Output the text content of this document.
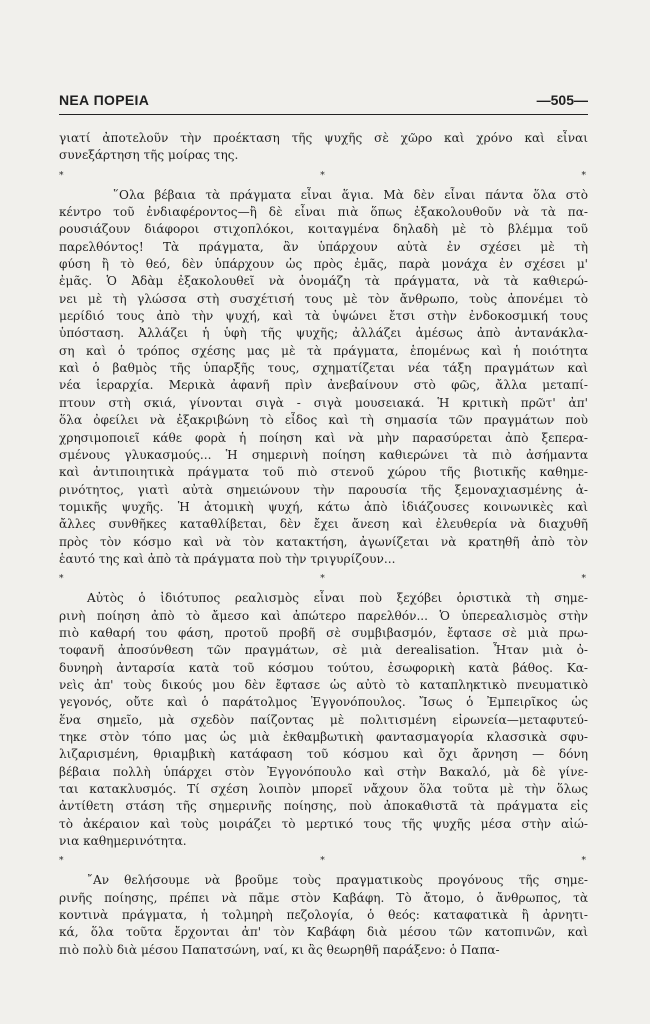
ΝΕΑ ΠΟΡΕΙΑ	—505—
γιατί ἀποτελοῦν τὴν προέκταση τῆς ψυχῆς σὲ χῶρο καὶ χρόνο καὶ εἶναι
συνεξάρτηση τῆς μοίρας της.
* * *
῞Ολα βέβαια τὰ πράγματα εἶναι ἅγια. Μὰ δὲν εἶναι πάντα ὅλα στὸ
κέντρο τοῦ ἐνδιαφέροντος—ἢ δὲ εἶναι πιὰ ὅπως ἐξακολουθοῦν νὰ τὰ πα-
ρουσιάζουν διάφοροι στιχοπλόκοι, κοιταγμένα δηλαδὴ μὲ τὸ βλέμμα τοῦ
παρελθόντος! Τὰ πράγματα, ἂν ὑπάρχουν αὐτὰ ἐν σχέσει μὲ τὴ
φύση ἢ τὸ θεό, δὲν ὑπάρχουν ὡς πρὸς ἐμᾶς, παρὰ μονάχα ἐν σχέσει μ'
ἐμᾶς. Ὁ Ἀδὰμ ἐξακολουθεῖ νὰ ὀνομάζη τὰ πράγματα, νὰ τὰ καθιερώ-
νει μὲ τὴ γλώσσα στὴ συσχέτισή τους μὲ τὸν ἄνθρωπο, τοὺς ἀπονέμει τὸ
μερίδιό τους ἀπὸ τὴν ψυχή, καὶ τὰ ὑψώνει ἔτσι στὴν ἐνδοκοσμική τους
ὑπόσταση. Ἀλλάζει ἡ ὑφὴ τῆς ψυχῆς; ἀλλάζει ἀμέσως ἀπὸ ἀντανάκλα-
ση καὶ ὁ τρόπος σχέσης μας μὲ τὰ πράγματα, ἑπομένως καὶ ἡ ποιότητα
καὶ ὁ βαθμὸς τῆς ὑπαρξῆς τους, σχηματίζεται νέα τάξη πραγμάτων καὶ
νέα ἱεραρχία. Μερικὰ ἀφανῆ πρὶν ἀνεβαίνουν στὸ φῶς, ἄλλα μεταπί-
πτουν στὴ σκιά, γίνονται σιγὰ - σιγὰ μουσειακά. Ἡ κριτικὴ πρῶτ' ἀπ'
ὅλα ὀφείλει νὰ ἐξακριβώνη τὸ εἶδος καὶ τὴ σημασία τῶν πραγμάτων ποὺ
χρησιμοποιεῖ κάθε φορὰ ἡ ποίηση καὶ νὰ μὴν παρασύρεται ἀπὸ ξεπερα-
σμένους γλυκασμούς... Ἡ σημερινὴ ποίηση καθιερώνει τὰ πιὸ ἀσήμαντα
καὶ ἀντιποιητικὰ πράγματα τοῦ πιὸ στενοῦ χώρου τῆς βιοτικῆς καθημε-
ρινότητος, γιατὶ αὐτὰ σημειώνουν τὴν παρουσία τῆς ξεμοναχιασμένης ἀ-
τομικῆς ψυχῆς. Ἡ ἀτομικὴ ψυχή, κάτω ἀπὸ ἰδιάζουσες κοινωνικὲς καὶ
ἄλλες συνθῆκες καταθλίβεται, δὲν ἔχει ἄνεση καὶ ἐλευθερία νὰ διαχυθῆ
πρὸς τὸν κόσμο καὶ νὰ τὸν κατακτήση, ἀγωνίζεται νὰ κρατηθῆ ἀπὸ τὸν
ἑαυτό της καὶ ἀπὸ τὰ πράγματα ποὺ τὴν τριγυρίζουν...
* * *
Αὐτὸς ὁ ἰδιότυπος ρεαλισμὸς εἶναι ποὺ ξεχόβει ὁριστικὰ τὴ σημε-
ρινὴ ποίηση ἀπὸ τὸ ἄμεσο καὶ ἀπώτερο παρελθόν... Ὁ ὑπερεαλισμὸς στὴν
πιὸ καθαρή του φάση, προτοῦ προβῆ σὲ συμβιβασμόν, ἔφτασε σὲ μιὰ πρω-
τοφανῆ ἀποσύνθεση τῶν πραγμάτων, σὲ μιὰ derealisation. Ἦταν μιὰ ὀ-
δυνηρὴ ἀνταρσία κατὰ τοῦ κόσμου τούτου, ἐσωφορικὴ κατὰ βάθος. Κα-
νεὶς ἀπ' τοὺς δικούς μου δὲν ἔφτασε ὡς αὐτὸ τὸ καταπληκτικὸ πνευματικὸ
γεγονός, οὔτε καὶ ὁ παράτολμος Ἐγγονόπουλος. Ἴσως ὁ Ἐμπειρῖκος ὡς
ἕνα σημεῖο, μὰ σχεδὸν παίζοντας μὲ πολιτισμένη εἰρωνεία—μεταφυτεύ-
τηκε στὸν τόπο μας ὡς μιὰ ἐκθαμβωτικὴ φαντασμαγορία κλασσικὰ σφυ-
λιζαρισμένη, θριαμβικὴ κατάφαση τοῦ κόσμου καὶ ὄχι ἄρνηση — δόνη
βέβαια πολλὴ ὑπάρχει στὸν Ἐγγονόπουλο καὶ στὴν Βακαλό, μὰ δὲ γίνε-
ται κατακλυσμός. Τί σχέση λοιπὸν μπορεῖ νἄχουν ὅλα τοῦτα μὲ τὴν ὅλως
ἀντίθετη στάση τῆς σημερινῆς ποίησης, ποὺ ἀποκαθιστᾶ τὰ πράγματα εἰς
τὸ ἀκέραιον καὶ τοὺς μοιράζει τὸ μερτικό τους τῆς ψυχῆς μέσα στὴν αἰώ-
νια καθημερινότητα.
* * *
῎Αν θελήσουμε νὰ βροῦμε τοὺς πραγματικοὺς προγόνους τῆς σημε-
ρινῆς ποίησης, πρέπει νὰ πᾶμε στὸν Καβάφη. Τὸ ἄτομο, ὁ ἄνθρωπος, τὰ
κοντινὰ πράγματα, ἡ τολμηρὴ πεζολογία, ὁ θεός: καταφατικὰ ἢ ἀρνητι-
κά, ὅλα τοῦτα ἔρχονται ἀπ' τὸν Καβάφη διὰ μέσου τῶν κατοπινῶν, καὶ
πιὸ πολὺ διὰ μέσου Παπατσώνη, ναί, κι ἂς θεωρηθῆ παράξενο: ὁ Παπα-
